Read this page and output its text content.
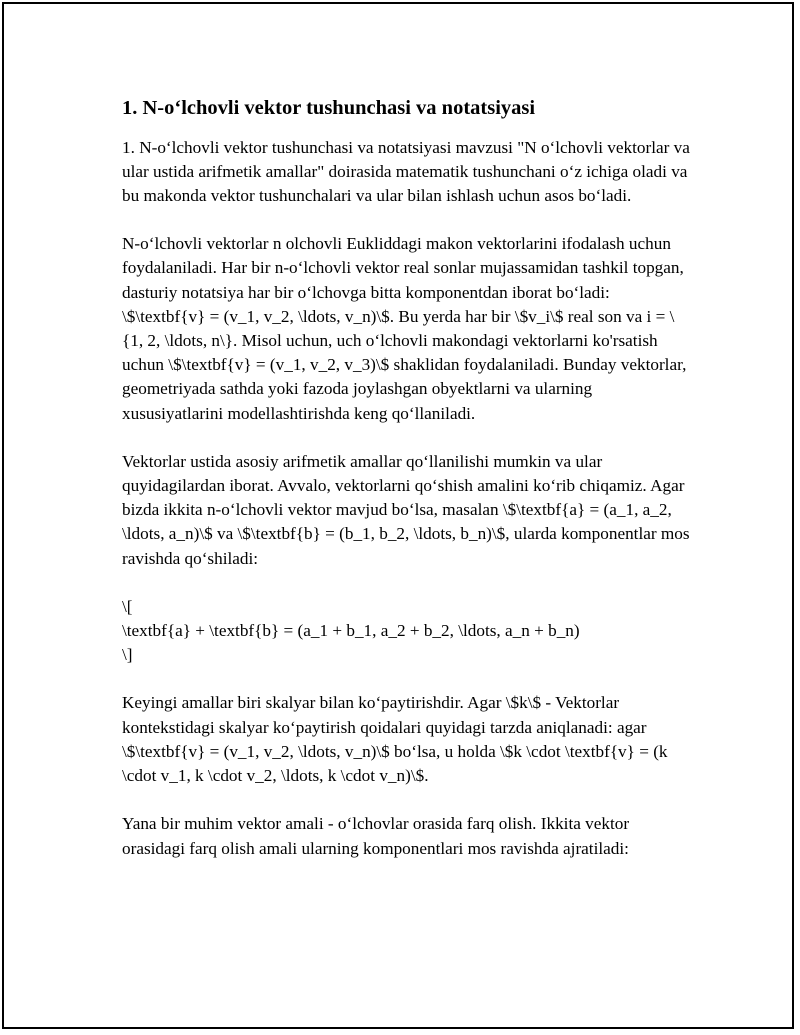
1. N-o‘lchovli vektor tushunchasi va notatsiyasi

1. N-o‘lchovli vektor tushunchasi va notatsiyasi mavzusi "N o‘lchovli vektorlar va ular ustida arifmetik amallar" doirasida matematik tushunchani o‘z ichiga oladi va bu makonda vektor tushunchalari va ular bilan ishlash uchun asos bo‘ladi.

N-o‘lchovli vektorlar n olchovli Eukliddagi makon vektorlarini ifodalash uchun foydalaniladi. Har bir n-o‘lchovli vektor real sonlar mujassamidan tashkil topgan, dasturiy notatsiya har bir o‘lchovga bitta komponentdan iborat bo‘ladi: \$\textbf{v} = (v_1, v_2, \ldots, v_n)\$. Bu yerda har bir \$v_i\$ real son va i = \{1, 2, \ldots, n\}. Misol uchun, uch o‘lchovli makondagi vektorlarni ko'rsatish uchun \$\textbf{v} = (v_1, v_2, v_3)\$ shaklidan foydalaniladi. Bunday vektorlar, geometriyada sathda yoki fazoda joylashgan obyektlarni va ularning xususiyatlarini modellashtirishda keng qo‘llaniladi.

Vektorlar ustida asosiy arifmetik amallar qo‘llanilishi mumkin va ular quyidagilardan iborat. Avvalo, vektorlarni qo‘shish amalini ko‘rib chiqamiz. Agar bizda ikkita n-o‘lchovli vektor mavjud bo‘lsa, masalan \$\textbf{a} = (a_1, a_2, \ldots, a_n)\$ va \$\textbf{b} = (b_1, b_2, \ldots, b_n)\$, ularda komponentlar mos ravishda qo‘shiladi:

\[
\textbf{a} + \textbf{b} = (a_1 + b_1, a_2 + b_2, \ldots, a_n + b_n)
\]

Keyingi amallar biri skalyar bilan ko‘paytirishdir. Agar \$k\$ - Vektorlar kontekstidagi skalyar ko‘paytirish qoidalari quyidagi tarzda aniqlanadi: agar \$\textbf{v} = (v_1, v_2, \ldots, v_n)\$ bo‘lsa, u holda \$k \cdot \textbf{v} = (k \cdot v_1, k \cdot v_2, \ldots, k \cdot v_n)\$.

Yana bir muhim vektor amali - o‘lchovlar orasida farq olish. Ikkita vektor orasidagi farq olish amali ularning komponentlari mos ravishda ajratiladi:
